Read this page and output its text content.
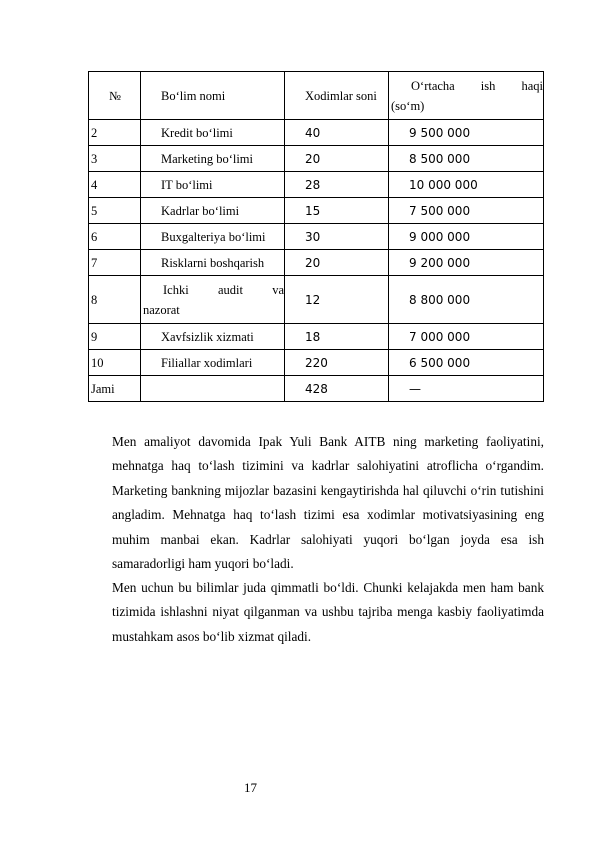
№	Bo‘lim nomi	Xodimlar soni	O‘rtacha ish haqi
(so‘m)

2	Kredit bo‘limi	40	9 500 000
3	Marketing bo‘limi	20	8 500 000
4	IT bo‘limi	28	10 000 000
5	Kadrlar bo‘limi	15	7 500 000
6	Buxgalteriya bo‘limi	30	9 000 000
7	Risklarni boshqarish	20	9 200 000
8	Ichki audit va
nazorat	12	8 800 000
9	Xavfsizlik xizmati	18	7 000 000
10	Filiallar xodimlari	220	6 500 000
Jami		428	—
Men amaliyot davomida Ipak Yuli Bank AITB ning marketing faoliyatini, mehnatga haq to‘lash tizimini va kadrlar salohiyatini atroflicha o‘rgandim. Marketing bankning mijozlar bazasini kengaytirishda hal qiluvchi o‘rin tutishini angladim. Mehnatga haq to‘lash tizimi esa xodimlar motivatsiyasining eng muhim manbai ekan. Kadrlar salohiyati yuqori bo‘lgan joyda esa ish samaradorligi ham yuqori bo‘ladi.
Men uchun bu bilimlar juda qimmatli bo‘ldi. Chunki kelajakda men ham bank tizimida ishlashni niyat qilganman va ushbu tajriba menga kasbiy faoliyatimda mustahkam asos bo‘lib xizmat qiladi.
17
